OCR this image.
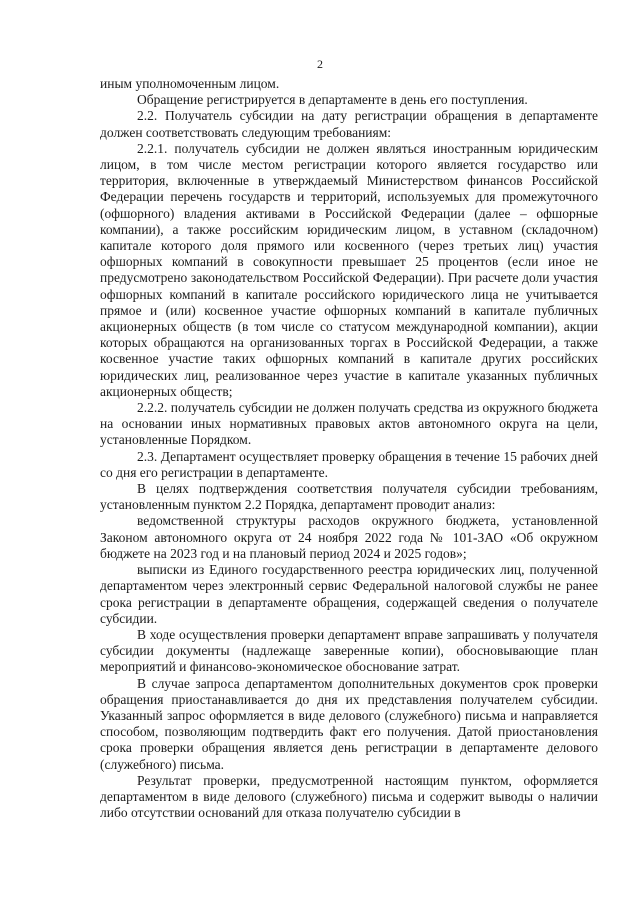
2

иным уполномоченным лицом.

Обращение регистрируется в департаменте в день его поступления.

2.2. Получатель субсидии на дату регистрации обращения в департаменте должен соответствовать следующим требованиям:

2.2.1. получатель субсидии не должен являться иностранным юридическим лицом, в том числе местом регистрации которого является государство или территория, включенные в утверждаемый Министерством финансов Российской Федерации перечень государств и территорий, используемых для промежуточного (офшорного) владения активами в Российской Федерации (далее – офшорные компании), а также российским юридическим лицом, в уставном (складочном) капитале которого доля прямого или косвенного (через третьих лиц) участия офшорных компаний в совокупности превышает 25 процентов (если иное не предусмотрено законодательством Российской Федерации). При расчете доли участия офшорных компаний в капитале российского юридического лица не учитывается прямое и (или) косвенное участие офшорных компаний в капитале публичных акционерных обществ (в том числе со статусом международной компании), акции которых обращаются на организованных торгах в Российской Федерации, а также косвенное участие таких офшорных компаний в капитале других российских юридических лиц, реализованное через участие в капитале указанных публичных акционерных обществ;

2.2.2. получатель субсидии не должен получать средства из окружного бюджета на основании иных нормативных правовых актов автономного округа на цели, установленные Порядком.

2.3. Департамент осуществляет проверку обращения в течение 15 рабочих дней со дня его регистрации в департаменте.

В целях подтверждения соответствия получателя субсидии требованиям, установленным пунктом 2.2 Порядка, департамент проводит анализ:

ведомственной структуры расходов окружного бюджета, установленной Законом автономного округа от 24 ноября 2022 года № 101-ЗАО «Об окружном бюджете на 2023 год и на плановый период 2024 и 2025 годов»;

выписки из Единого государственного реестра юридических лиц, полученной департаментом через электронный сервис Федеральной налоговой службы не ранее срока регистрации в департаменте обращения, содержащей сведения о получателе субсидии.

В ходе осуществления проверки департамент вправе запрашивать у получателя субсидии документы (надлежаще заверенные копии), обосновывающие план мероприятий и финансово-экономическое обоснование затрат.

В случае запроса департаментом дополнительных документов срок проверки обращения приостанавливается до дня их представления получателем субсидии. Указанный запрос оформляется в виде делового (служебного) письма и направляется способом, позволяющим подтвердить факт его получения. Датой приостановления срока проверки обращения является день регистрации в департаменте делового (служебного) письма.

Результат проверки, предусмотренной настоящим пунктом, оформляется департаментом в виде делового (служебного) письма и содержит выводы о наличии либо отсутствии оснований для отказа получателю субсидии в
